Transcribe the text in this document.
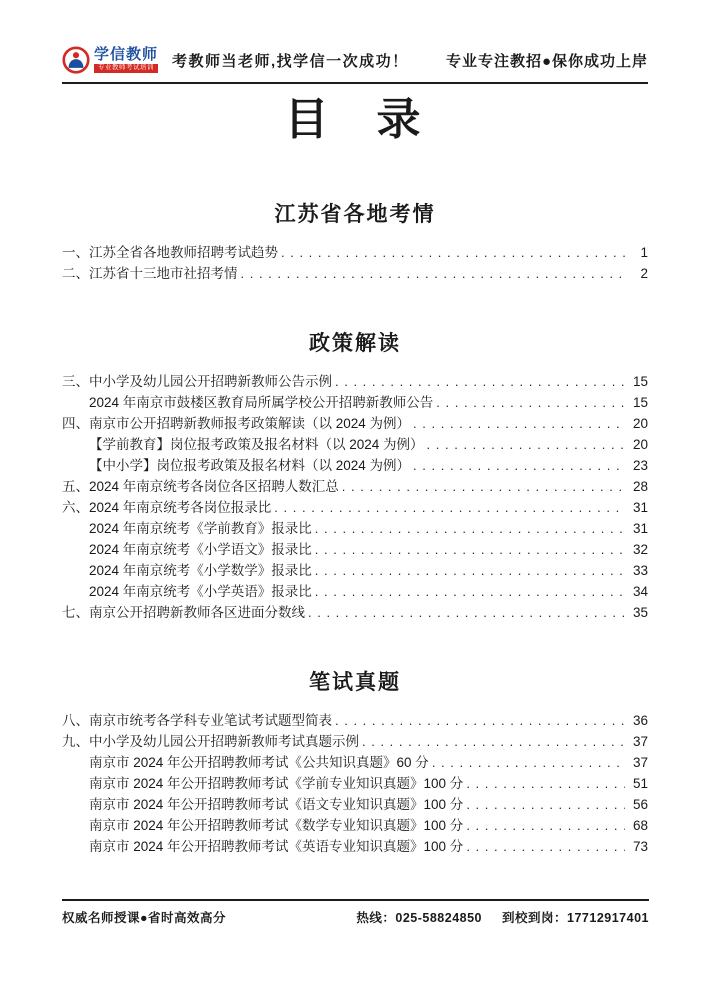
学信教师
专业教师考试培训 考教师当老师,找学信一次成功！ 专业专注教招●保你成功上岸
目　录
江苏省各地考情
一、江苏全省各地教师招聘考试趋势 . . .	1
二、江苏省十三地市社招考情 . . .	2
政策解读
三、中小学及幼儿园公开招聘新教师公告示例 . . .	15
2024 年南京市鼓楼区教育局所属学校公开招聘新教师公告 . . .	15
四、南京市公开招聘新教师报考政策解读（以 2024 为例） . . .	20
【学前教育】岗位报考政策及报名材料（以 2024 为例） . . .	20
【中小学】岗位报考政策及报名材料（以 2024 为例） . . .	23
五、2024 年南京统考各岗位各区招聘人数汇总 . . .	28
六、2024 年南京统考各岗位报录比 . . .	31
2024 年南京统考《学前教育》报录比 . . .	31
2024 年南京统考《小学语文》报录比 . . .	32
2024 年南京统考《小学数学》报录比 . . .	33
2024 年南京统考《小学英语》报录比 . . .	34
七、南京公开招聘新教师各区进面分数线 . . .	35
笔试真题
八、南京市统考各学科专业笔试考试题型简表 . . .	36
九、中小学及幼儿园公开招聘新教师考试真题示例 . . .	37
南京市 2024 年公开招聘教师考试《公共知识真题》60 分 . . .	37
南京市 2024 年公开招聘教师考试《学前专业知识真题》100 分 . . .	51
南京市 2024 年公开招聘教师考试《语文专业知识真题》100 分 . . .	56
南京市 2024 年公开招聘教师考试《数学专业知识真题》100 分 . . .	68
南京市 2024 年公开招聘教师考试《英语专业知识真题》100 分 . . .	73
权威名师授课●省时高效高分	热线：025-58824850 到校到岗：17712917401
